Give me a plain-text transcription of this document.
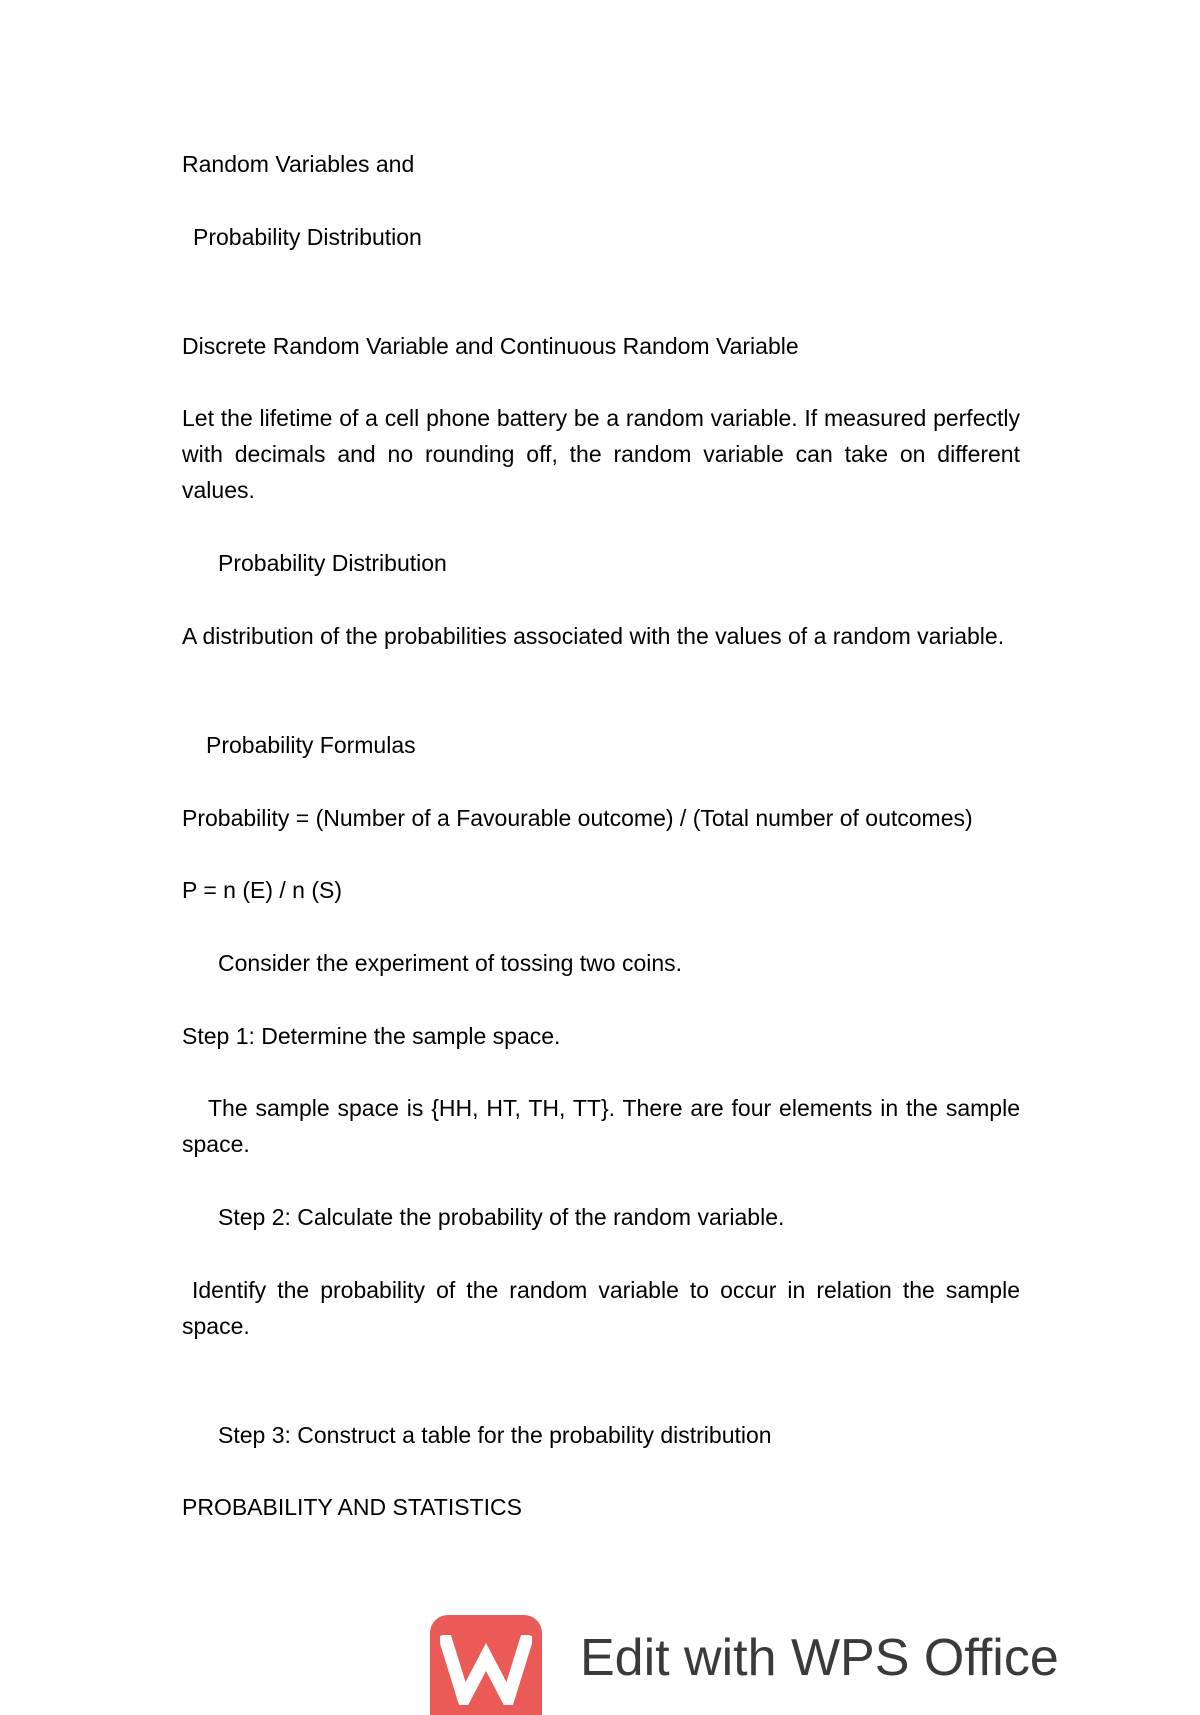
Random Variables and

Probability Distribution

Discrete Random Variable and Continuous Random Variable

Let the lifetime of a cell phone battery be a random variable. If measured perfectly with decimals and no rounding off, the random variable can take on different values.

Probability Distribution

A distribution of the probabilities associated with the values of a random variable.

Probability Formulas

Probability = (Number of a Favourable outcome) / (Total number of outcomes)

P = n (E) / n (S)

Consider the experiment of tossing two coins.

Step 1: Determine the sample space.

The sample space is {HH, HT, TH, TT}. There are four elements in the sample space.

Step 2: Calculate the probability of the random variable.

Identify the probability of the random variable to occur in relation the sample space.

Step 3: Construct a table for the probability distribution

PROBABILITY AND STATISTICS

Edit with WPS Office
